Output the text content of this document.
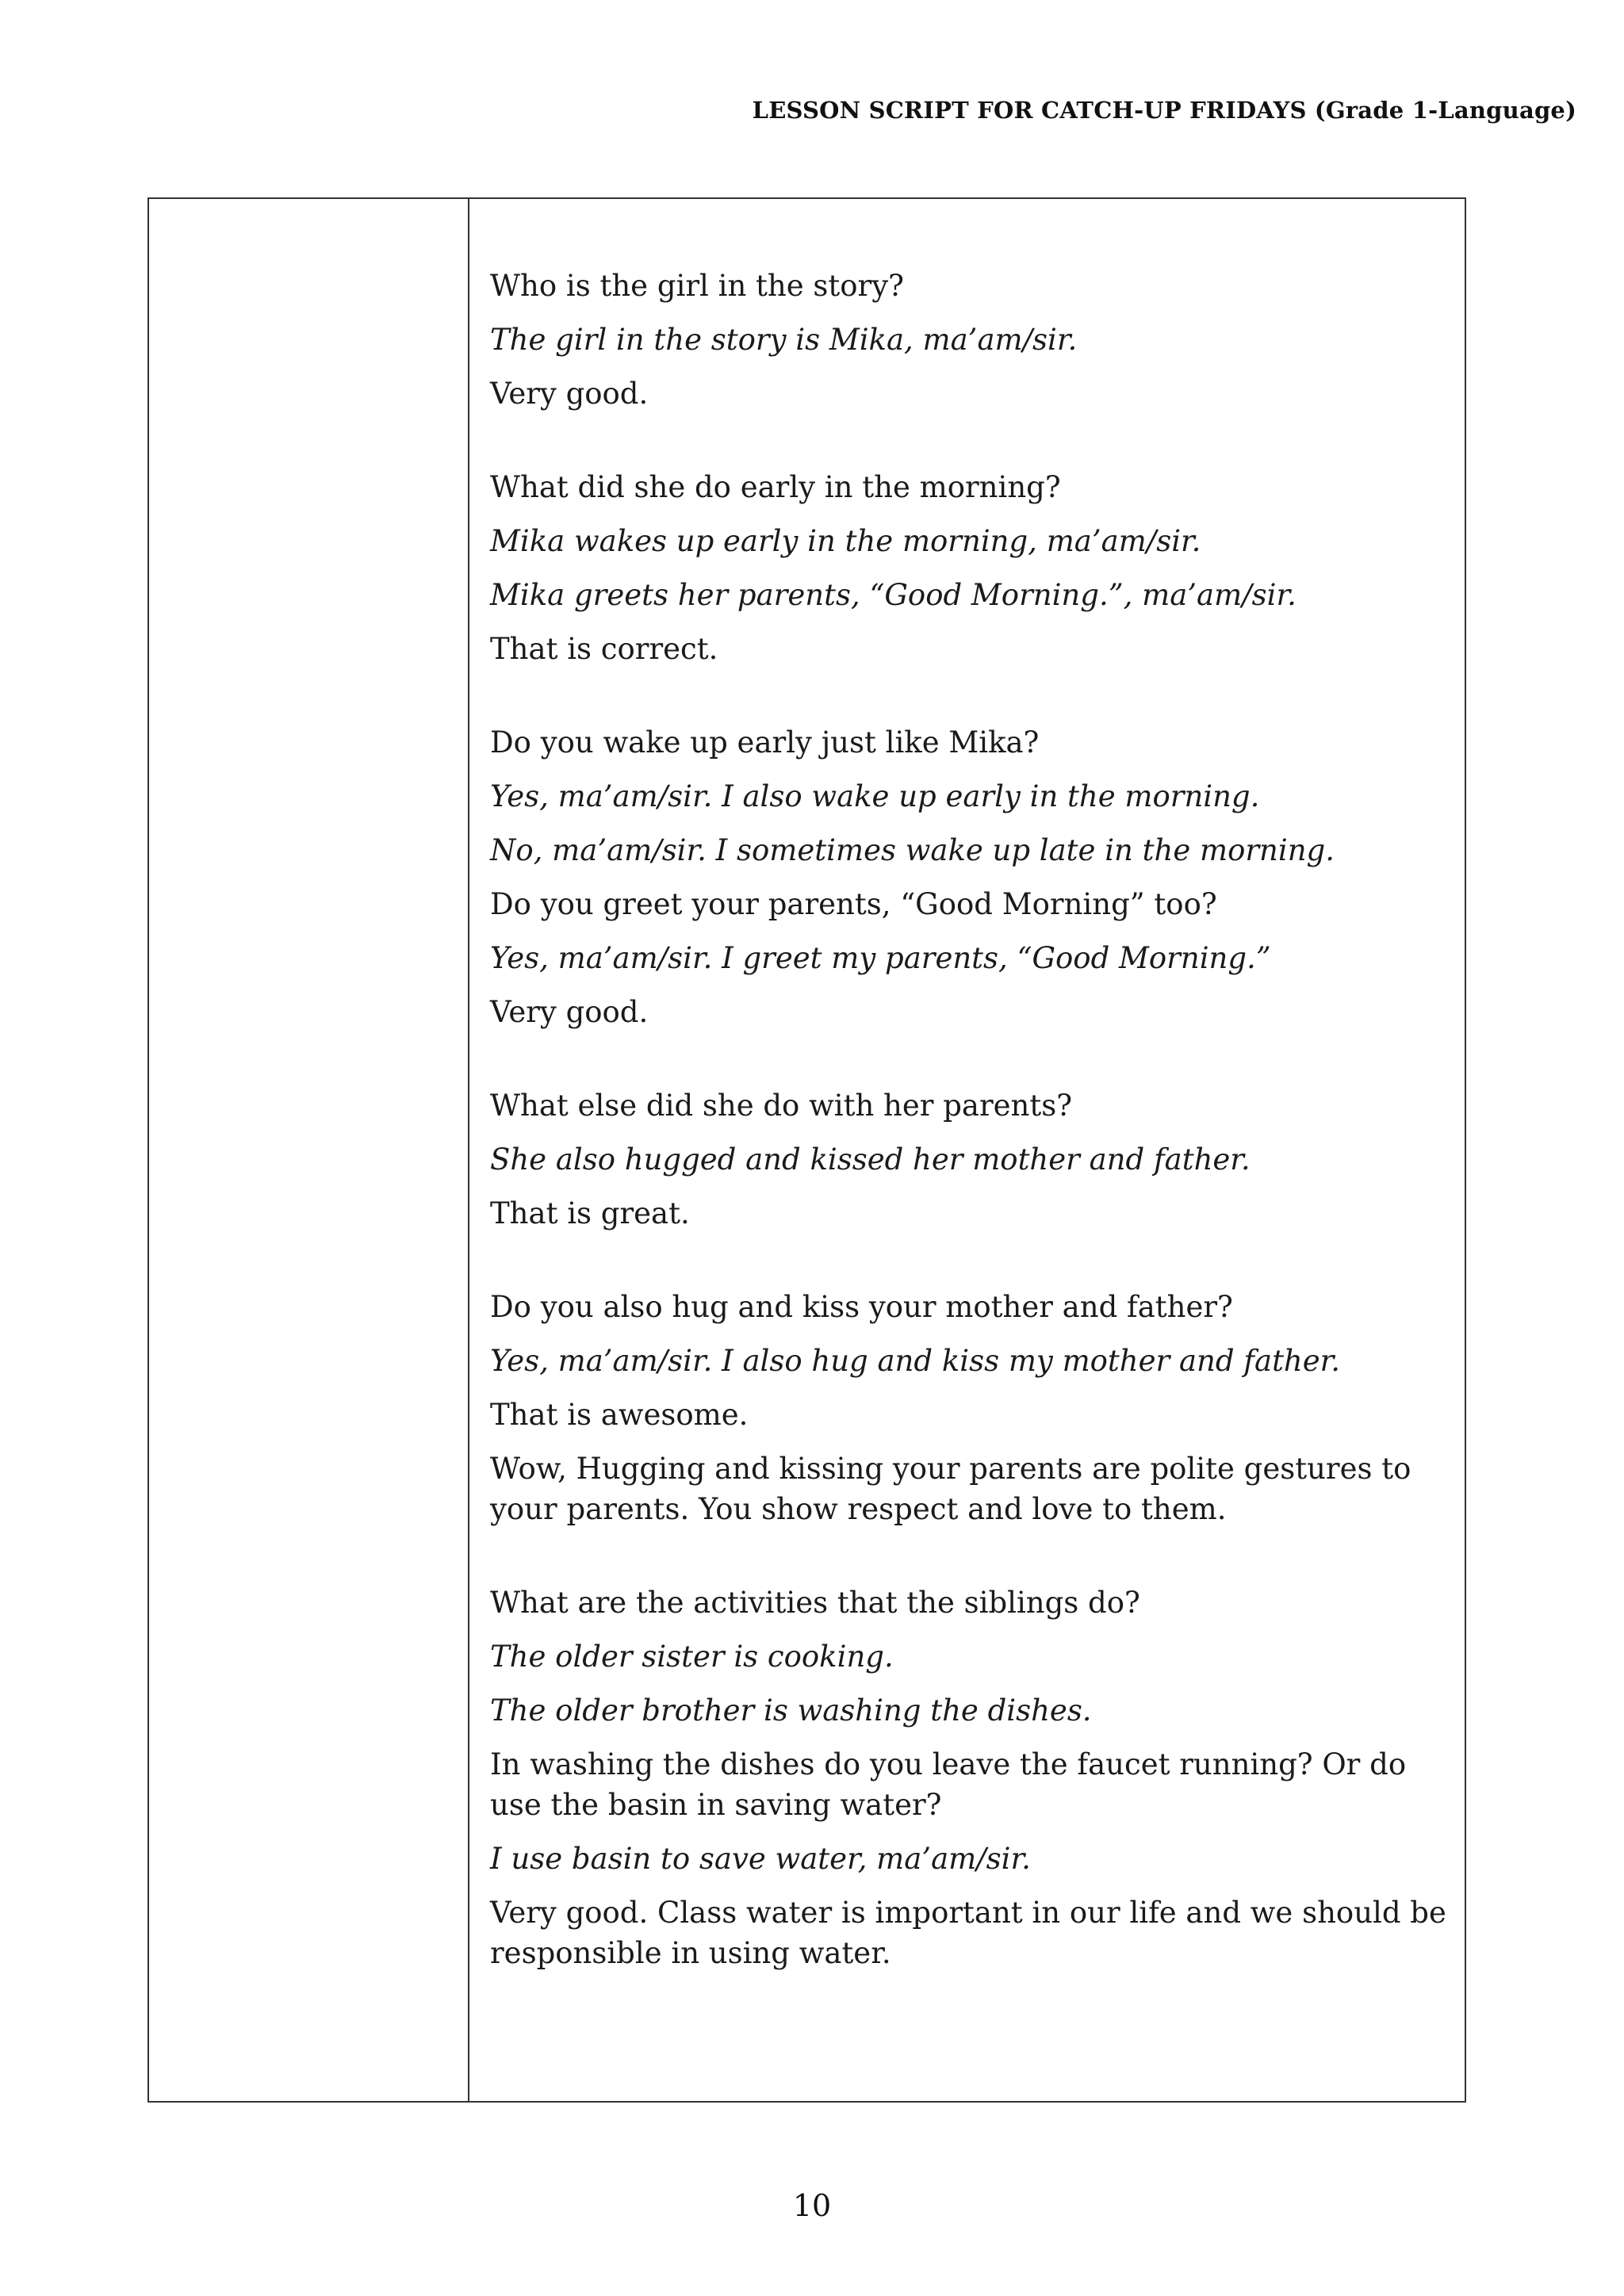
LESSON SCRIPT FOR CATCH-UP FRIDAYS (Grade 1-Language)

Who is the girl in the story?

The girl in the story is Mika, ma’am/sir.

Very good.

What did she do early in the morning?

Mika wakes up early in the morning, ma’am/sir.

Mika greets her parents, “Good Morning.”, ma’am/sir.

That is correct.

Do you wake up early just like Mika?

Yes, ma’am/sir. I also wake up early in the morning.

No, ma’am/sir. I sometimes wake up late in the morning.

Do you greet your parents, “Good Morning” too?

Yes, ma’am/sir. I greet my parents, “Good Morning.”

Very good.

What else did she do with her parents?

She also hugged and kissed her mother and father.

That is great.

Do you also hug and kiss your mother and father?

Yes, ma’am/sir. I also hug and kiss my mother and father.

That is awesome.

Wow, Hugging and kissing your parents are polite gestures to your parents. You show respect and love to them.

What are the activities that the siblings do?

The older sister is cooking.

The older brother is washing the dishes.

In washing the dishes do you leave the faucet running? Or do use the basin in saving water?

I use basin to save water, ma’am/sir.

Very good. Class water is important in our life and we should be responsible in using water.

10
